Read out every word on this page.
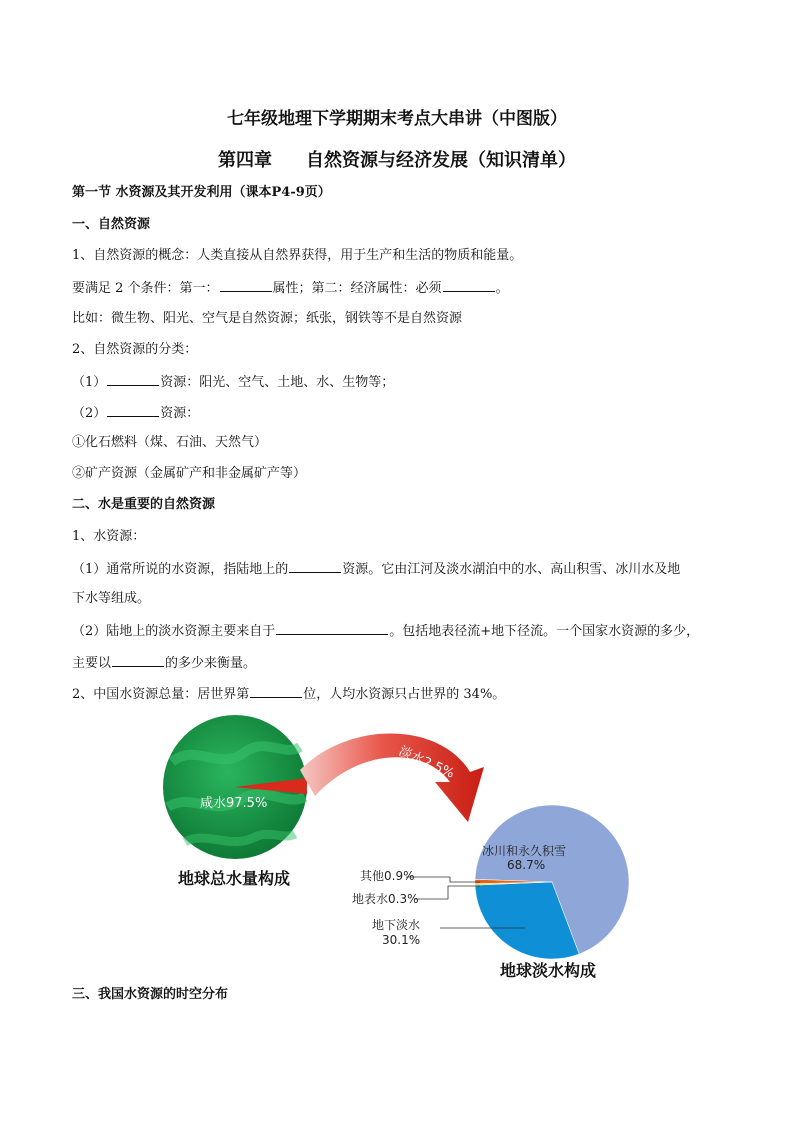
七年级地理下学期期末考点大串讲（中图版）
第四章 自然资源与经济发展（知识清单）
第一节 水资源及其开发利用（课本P4-9页）
一、自然资源
1、自然资源的概念：人类直接从自然界获得，用于生产和生活的物质和能量。
要满足 2 个条件：第一：	属性；第二：经济属性：必须	。
比如：微生物、阳光、空气是自然资源；纸张，钢铁等不是自然资源
2、自然资源的分类：
（1）	资源：阳光、空气、土地、水、生物等；
（2）	资源：
①化石燃料（煤、石油、天然气）
②矿产资源（金属矿产和非金属矿产等）
二、水是重要的自然资源
1、水资源：
（1）通常所说的水资源，指陆地上的	资源。它由江河及淡水湖泊中的水、高山积雪、冰川水及地
下水等组成。
（2）陆地上的淡水资源主要来自于	。包括地表径流+地下径流。一个国家水资源的多少，
主要以	的多少来衡量。
2、中国水资源总量：居世界第	位，人均水资源只占世界的 34%。
咸水97.5%
淡水2.5%
地球总水量构成
冰川和永久积雪
68.7%
其他0.9%
地表水0.3%
地下淡水
30.1%
地球淡水构成
三、我国水资源的时空分布
